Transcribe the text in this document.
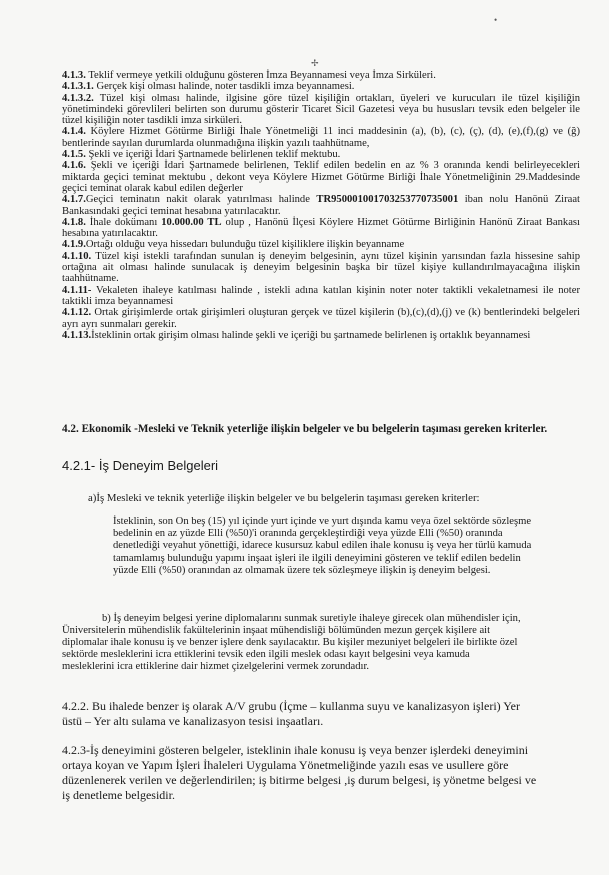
•
✢

4.1.3. Teklif vermeye yetkili olduğunu gösteren İmza Beyannamesi veya İmza Sirküleri.

4.1.3.1. Gerçek kişi olması halinde, noter tasdikli imza beyannamesi.

4.1.3.2. Tüzel kişi olması halinde, ilgisine göre tüzel kişiliğin ortakları, üyeleri ve kurucuları ile tüzel kişiliğin yönetimindeki görevlileri belirten son durumu gösterir Ticaret Sicil Gazetesi veya bu hususları tevsik eden belgeler ile tüzel kişiliğin noter tasdikli imza sirküleri.

4.1.4. Köylere Hizmet Götürme Birliği İhale Yönetmeliği 11 inci maddesinin (a), (b), (c), (ç), (d), (e),(f),(g) ve (ğ) bentlerinde sayılan durumlarda olunmadığına ilişkin yazılı taahhütname,

4.1.5. Şekli ve içeriği İdari Şartnamede belirlenen teklif mektubu.

4.1.6. Şekli ve içeriği İdari Şartnamede belirlenen, Teklif edilen bedelin en az % 3 oranında kendi belirleyecekleri miktarda geçici teminat mektubu , dekont veya Köylere Hizmet Götürme Birliği İhale Yönetmeliğinin 29.Maddesinde geçici teminat olarak kabul edilen değerler

4.1.7.Geçici teminatın nakit olarak yatırılması halinde TR950001001703253770735001 iban nolu Hanönü Ziraat Bankasındaki geçici teminat hesabına yatırılacaktır.

4.1.8. İhale dokümanı 10.000.00 TL olup , Hanönü İlçesi Köylere Hizmet Götürme Birliğinin Hanönü Ziraat Bankası hesabına yatırılacaktır.

4.1.9.Ortağı olduğu veya hissedarı bulunduğu tüzel kişiliklere ilişkin beyanname

4.1.10. Tüzel kişi istekli tarafından sunulan iş deneyim belgesinin, aynı tüzel kişinin yarısından fazla hissesine sahip ortağına ait olması halinde sunulacak iş deneyim belgesinin başka bir tüzel kişiye kullandırılmayacağına ilişkin taahhütname.

4.1.11- Vekaleten ihaleye katılması halinde , istekli adına katılan kişinin noter noter taktikli vekaletnamesi ile noter taktikli imza beyannamesi

4.1.12. Ortak girişimlerde ortak girişimleri oluşturan gerçek ve tüzel kişilerin (b),(c),(d),(j) ve (k) bentlerindeki belgeleri ayrı ayrı sunmaları gerekir.

4.1.13.İsteklinin ortak girişim olması halinde şekli ve içeriği bu şartnamede belirlenen iş ortaklık beyannamesi

4.2. Ekonomik -Mesleki ve Teknik yeterliğe ilişkin belgeler ve bu belgelerin taşıması gereken kriterler.
4.2.1- İş Deneyim Belgeleri
a)İş Mesleki ve teknik yeterliğe ilişkin belgeler ve bu belgelerin taşıması gereken kriterler:
İsteklinin, son On beş (15) yıl içinde yurt içinde ve yurt dışında kamu veya özel sektörde sözleşme
bedelinin en az yüzde Elli (%50)'i oranında gerçekleştirdiği veya yüzde Elli (%50) oranında
denetlediği veyahut yönettiği, idarece kusursuz kabul edilen ihale konusu iş veya her türlü kamuda
tamamlamış bulunduğu yapımı inşaat işleri ile ilgili deneyimini gösteren ve teklif edilen bedelin
yüzde Elli (%50) oranından az olmamak üzere tek sözleşmeye ilişkin iş deneyim belgesi.
b) İş deneyim belgesi yerine diplomalarını sunmak suretiyle ihaleye girecek olan mühendisler için,
Üniversitelerin mühendislik fakültelerinin inşaat mühendisliği bölümünden mezun gerçek kişilere ait
diplomalar ihale konusu iş ve benzer işlere denk sayılacaktır. Bu kişiler mezuniyet belgeleri ile birlikte özel
sektörde mesleklerini icra ettiklerini tevsik eden ilgili meslek odası kayıt belgesini veya kamuda
mesleklerini icra ettiklerine dair hizmet çizelgelerini vermek zorundadır.
4.2.2. Bu ihalede benzer iş olarak A/V grubu (İçme – kullanma suyu ve kanalizasyon işleri) Yer
üstü – Yer altı sulama ve kanalizasyon tesisi inşaatları.
4.2.3-İş deneyimini gösteren belgeler, isteklinin ihale konusu iş veya benzer işlerdeki deneyimini
ortaya koyan ve Yapım İşleri İhaleleri Uygulama Yönetmeliğinde yazılı esas ve usullere göre
düzenlenerek verilen ve değerlendirilen; iş bitirme belgesi ,iş durum belgesi, iş yönetme belgesi ve
iş denetleme belgesidir.
